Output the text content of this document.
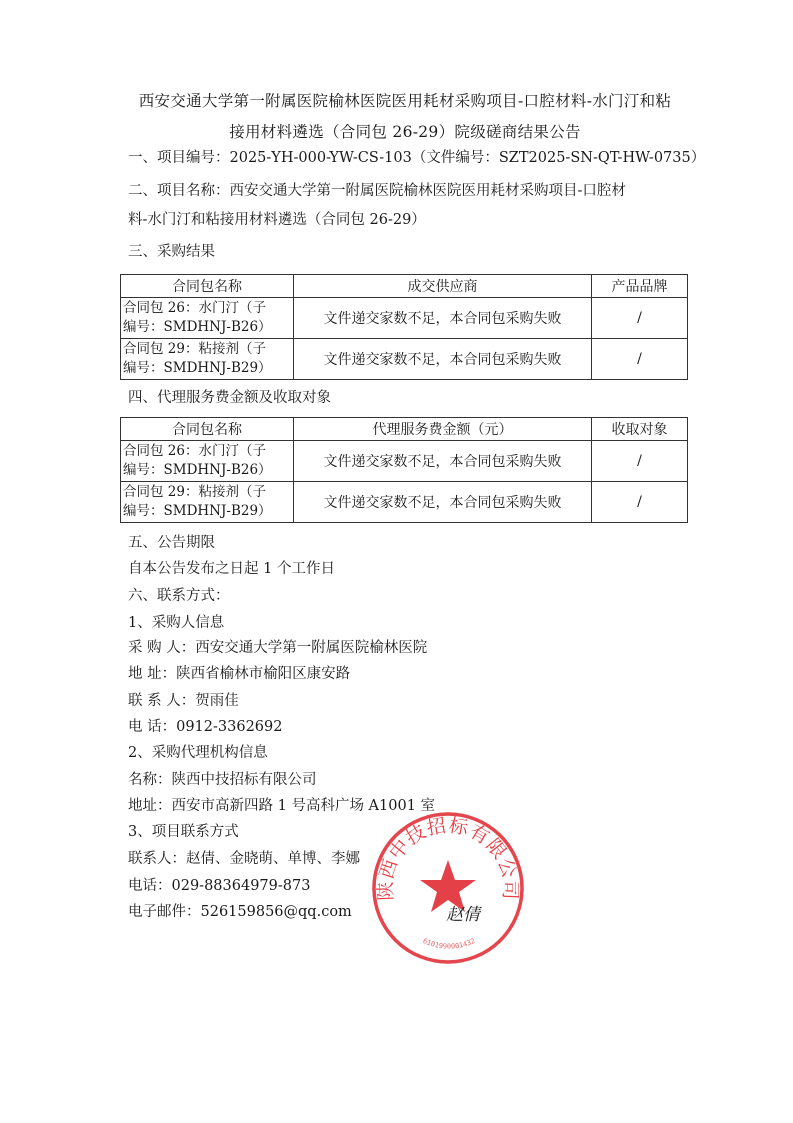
西安交通大学第一附属医院榆林医院医用耗材采购项目-口腔材料-水门汀和粘
接用材料遴选（合同包 26-29）院级磋商结果公告
一、项目编号：2025-YH-000-YW-CS-103（文件编号：SZT2025-SN-QT-HW-0735）
二、项目名称：西安交通大学第一附属医院榆林医院医用耗材采购项目-口腔材
料-水门汀和粘接用材料遴选（合同包 26-29）
三、采购结果
合同包名称	成交供应商	产品品牌

合同包 26：水门汀（子
编号：SMDHNJ-B26）	文件递交家数不足，本合同包采购失败	/

合同包 29：粘接剂（子
编号：SMDHNJ-B29）	文件递交家数不足，本合同包采购失败	/
四、代理服务费金额及收取对象
合同包名称	代理服务费金额（元）	收取对象

合同包 26：水门汀（子
编号：SMDHNJ-B26）	文件递交家数不足，本合同包采购失败	/

合同包 29：粘接剂（子
编号：SMDHNJ-B29）	文件递交家数不足，本合同包采购失败	/
五、公告期限
自本公告发布之日起 1 个工作日
六、联系方式：
1、采购人信息
采 购 人：西安交通大学第一附属医院榆林医院
地 址：陕西省榆林市榆阳区康安路
联 系 人：贺雨佳
电 话：0912-3362692
2、采购代理机构信息
名称：陕西中技招标有限公司
地址：西安市高新四路 1 号高科广场 A1001 室
3、项目联系方式
联系人：赵倩、金晓萌、单博、李娜
电话：029-88364979-873
电子邮件：526159856@qq.com
陕西中技招标有限公司
6101990001432
赵倩
